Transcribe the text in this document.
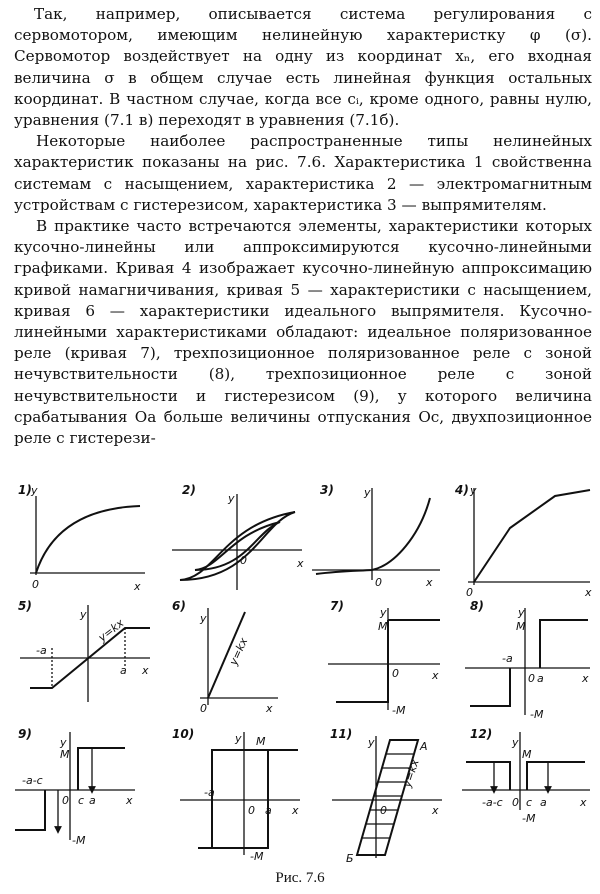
Так, например, описывается система регулирования с сервомотором, имеющим нелинейную характеристку φ (σ). Сервомотор воздействует на одну из координат xₙ, его входная величина σ в общем случае есть линейная функция остальных координат. В частном случае, когда все cᵢ, кроме одного, равны нулю, уравнения (7.1 в) переходят в уравнения (7.1б).

Некоторые наиболее распространенные типы нелинейных характеристик показаны на рис. 7.6. Характеристика 1 свойственна системам с насыщением, характеристика 2 — электромагнитным устройствам с гистерезисом, характеристика 3 — выпрямителям.

В практике часто встречаются элементы, характеристики которых кусочно-линейны или аппроксимируются кусочно-линейными графиками. Кривая 4 изображает кусочно-линейную аппроксимацию кривой намагничивания, кривая 5 — характеристики с насыщением, кривая 6 — характеристики идеального выпрямителя. Кусочно-линейными характеристиками обладают: идеальное поляризованное реле (кривая 7), трехпозиционное поляризованное реле с зоной нечувствительности (8), трехпозиционное реле с зоной нечувствительности и гистерезисом (9), у которого величина срабатывания Oa больше величины отпускания Oc, двухпозиционное реле с гистерези-

1) y
0	x
2)
y
0	x
3)	y
0	x
4) y
0	x
5)
y
y=kx
-a
a x
6)
y
y=kx
0	x
7)	y
M
0	x
-M
8)	y
M
-a
a
0	x
-M
9)
y
M
-a-c
0 c a	x
-M
10)	y M
-a
0 a x
-M
11)
y	A
y=kx
0	x
Б
12)
y
M
-a-c 0 c a	x
-M
Рис. 7.6
